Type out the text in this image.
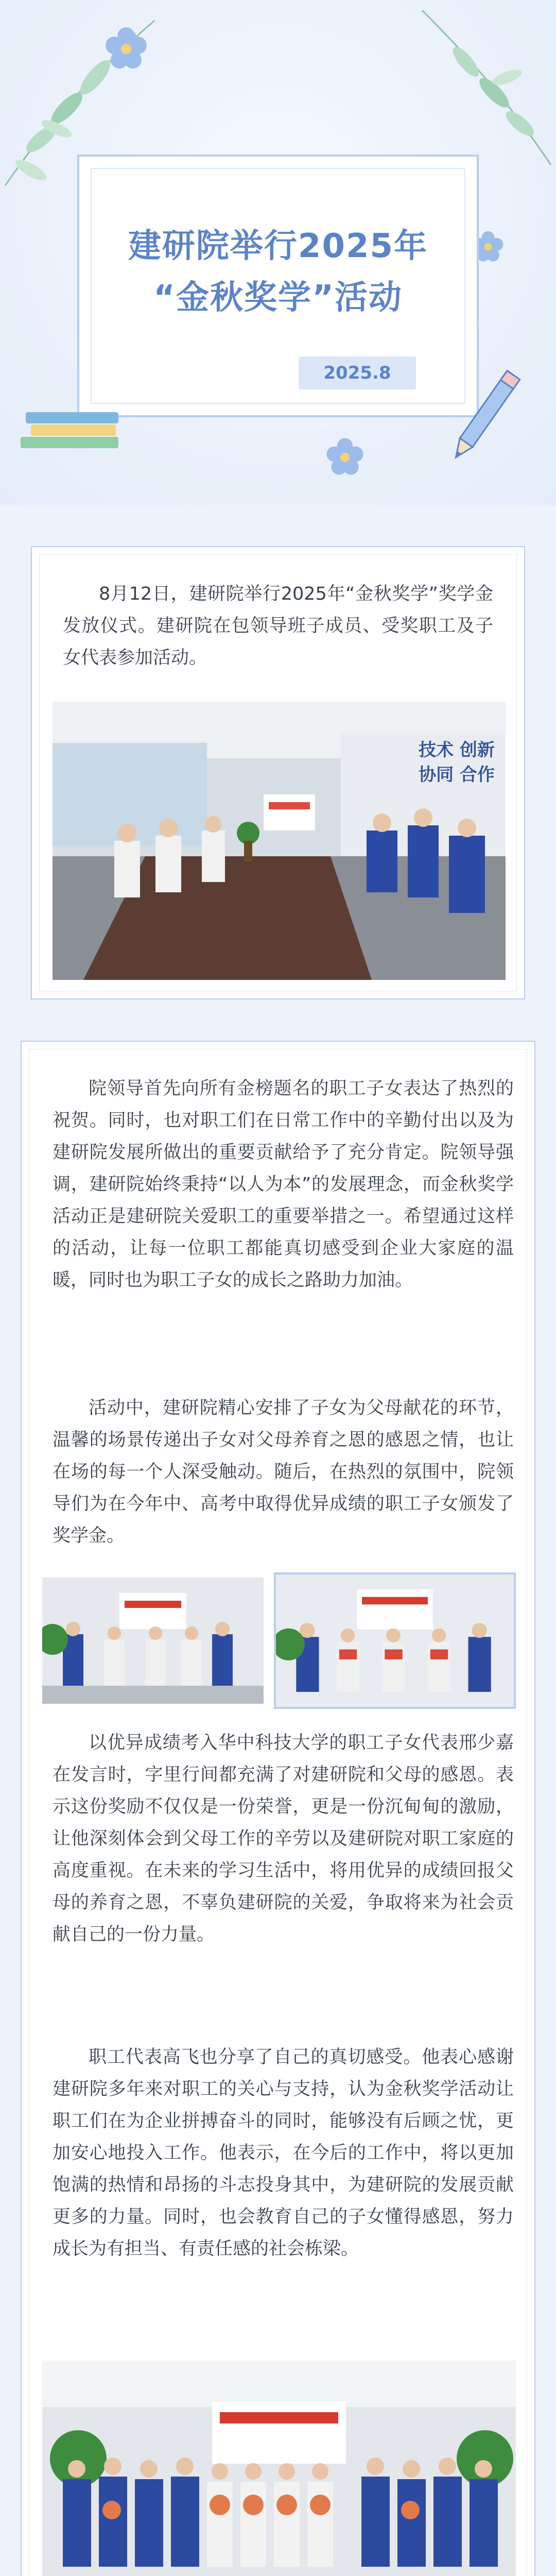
建研院举行2025年
“金秋奖学”活动
2025.8

8月12日，建研院举行2025年“金秋奖学”奖学金发放仪式。建研院在包领导班子成员、受奖职工及子女代表参加活动。

技术 创新 协同 合作

院领导首先向所有金榜题名的职工子女表达了热烈的祝贺。同时，也对职工们在日常工作中的辛勤付出以及为建研院发展所做出的重要贡献给予了充分肯定。院领导强调，建研院始终秉持“以人为本”的发展理念，而金秋奖学活动正是建研院关爱职工的重要举措之一。希望通过这样的活动，让每一位职工都能真切感受到企业大家庭的温暖，同时也为职工子女的成长之路助力加油。

活动中，建研院精心安排了子女为父母献花的环节，温馨的场景传递出子女对父母养育之恩的感恩之情，也让在场的每一个人深受触动。随后，在热烈的氛围中，院领导们为在今年中、高考中取得优异成绩的职工子女颁发了奖学金。

以优异成绩考入华中科技大学的职工子女代表邢少嘉在发言时，字里行间都充满了对建研院和父母的感恩。表示这份奖励不仅仅是一份荣誉，更是一份沉甸甸的激励，让他深刻体会到父母工作的辛劳以及建研院对职工家庭的高度重视。在未来的学习生活中，将用优异的成绩回报父母的养育之恩，不辜负建研院的关爱，争取将来为社会贡献自己的一份力量。

职工代表高飞也分享了自己的真切感受。他表心感谢建研院多年来对职工的关心与支持，认为金秋奖学活动让职工们在为企业拼搏奋斗的同时，能够没有后顾之忧，更加安心地投入工作。他表示，在今后的工作中，将以更加饱满的热情和昂扬的斗志投身其中，为建研院的发展贡献更多的力量。同时，也会教育自己的子女懂得感恩，努力成长为有担当、有责任感的社会栋梁。
